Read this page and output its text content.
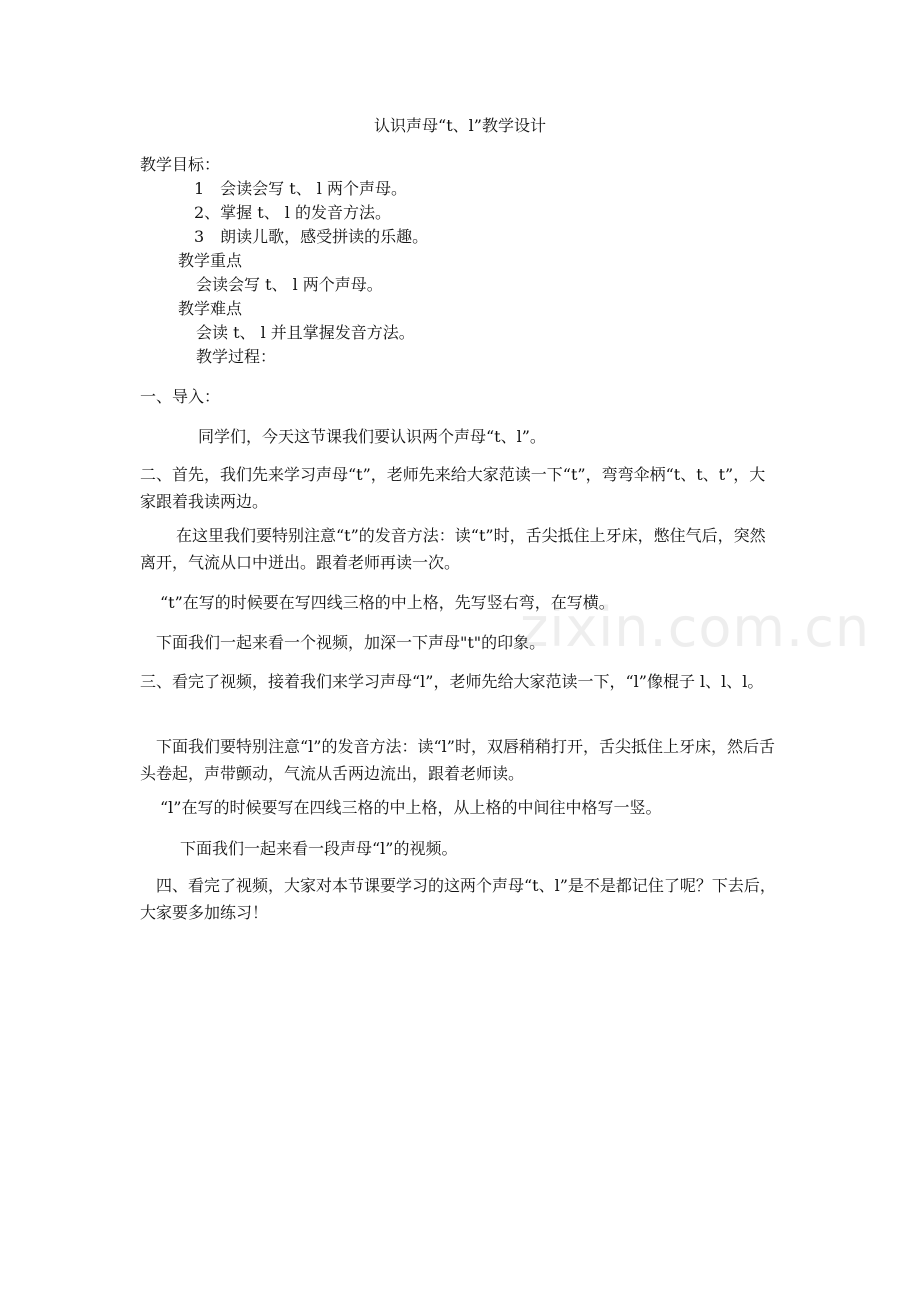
认识声母“t、l”教学设计
教学目标：
1　会读会写 t、 l 两个声母。
2、掌握 t、 l 的发音方法。
3　朗读儿歌，感受拼读的乐趣。
教学重点
会读会写 t、 l 两个声母。
教学难点
会读 t、 l 并且掌握发音方法。
教学过程：
一、导入：
同学们，今天这节课我们要认识两个声母“t、l”。
二、首先，我们先来学习声母“t”，老师先来给大家范读一下“t”，弯弯伞柄“t、t、t”，大家跟着我读两边。
在这里我们要特别注意“t”的发音方法：读“t”时，舌尖抵住上牙床，憋住气后，突然离开，气流从口中迸出。跟着老师再读一次。
“t”在写的时候要在写四线三格的中上格，先写竖右弯，在写横。
下面我们一起来看一个视频，加深一下声母"t"的印象。
三、看完了视频，接着我们来学习声母“l”，老师先给大家范读一下，“l”像棍子 l、l、l。
下面我们要特别注意“l”的发音方法：读“l”时，双唇稍稍打开，舌尖抵住上牙床，然后舌头卷起，声带颤动，气流从舌两边流出，跟着老师读。
“l”在写的时候要写在四线三格的中上格，从上格的中间往中格写一竖。
下面我们一起来看一段声母“l”的视频。
四、看完了视频，大家对本节课要学习的这两个声母“t、l”是不是都记住了呢？下去后，大家要多加练习！
zixin.com.cn
